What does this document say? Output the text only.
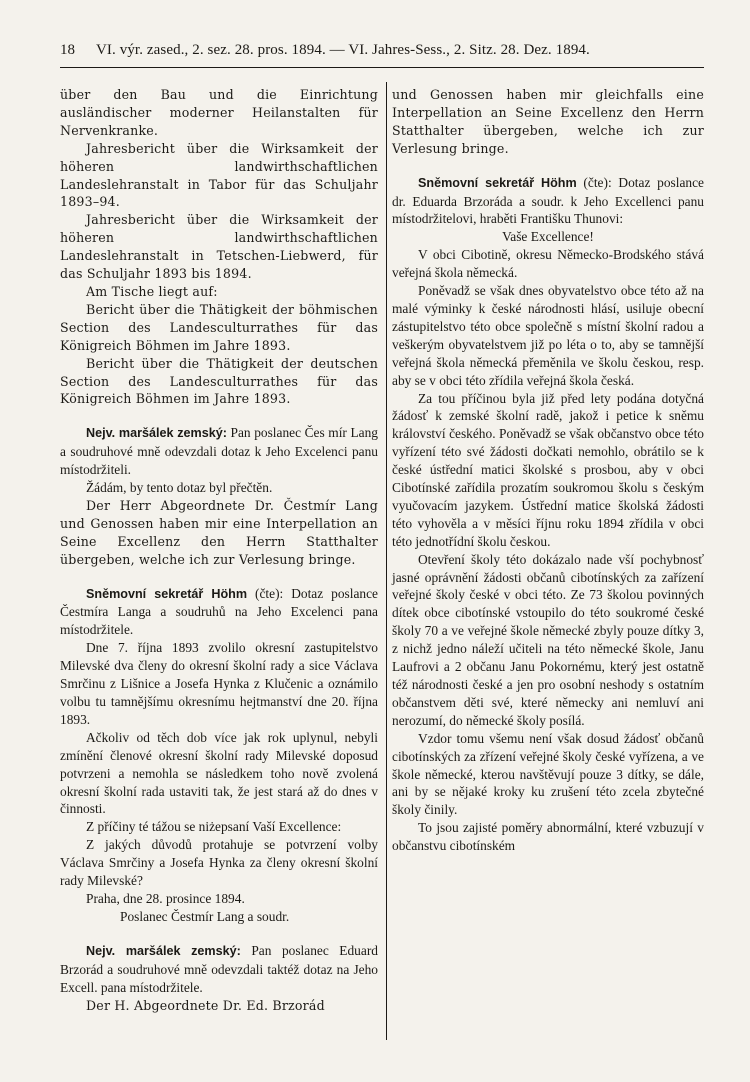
18 VI. výr. zased., 2. sez. 28. pros. 1894. — VI. Jahres-Sess., 2. Sitz. 28. Dez. 1894.

über den Bau und die Einrichtung ausländischer moderner Heilanstalten für Nervenkranke.

Jahresbericht über die Wirksamkeit der höheren landwirthschaftlichen Landeslehranstalt in Tabor für das Schuljahr 1893–94.

Jahresbericht über die Wirksamkeit der höheren landwirthschaftlichen Landeslehranstalt in Tetschen-Liebwerd, für das Schuljahr 1893 bis 1894.

Am Tische liegt auf:

Bericht über die Thätigkeit der böhmischen Section des Landesculturrathes für das Königreich Böhmen im Jahre 1893.

Bericht über die Thätigkeit der deutschen Section des Landesculturrathes für das Königreich Böhmen im Jahre 1893.

Nejv. maršálek zemský: Pan poslanec Čes mír Lang a soudruhové mně odevzdali dotaz k Jeho Excelenci panu místodržiteli.

Žádám, by tento dotaz byl přečtěn.

Der Herr Abgeordnete Dr. Čestmír Lang und Genossen haben mir eine Interpellation an Seine Excellenz den Herrn Statthalter übergeben, welche ich zur Verlesung bringe.

Sněmovní sekretář Höhm (čte): Dotaz poslance Čestmíra Langa a soudruhů na Jeho Excelenci pana místodržitele.

Dne 7. října 1893 zvolilo okresní zastupitelstvo Milevské dva členy do okresní školní rady a sice Václava Smrčinu z Lišnice a Josefa Hynka z Klučenic a oznámilo volbu tu tamnějšímu okresnímu hejtmanství dne 20. října 1893.

Ačkoliv od těch dob více jak rok uplynul, nebyli zmínění členové okresní školní rady Milevské doposud potvrzeni a nemohla se následkem toho nově zvolená okresní školní rada ustaviti tak, že jest stará až do dnes v činnosti.

Z příčiny té tážou se niżepsaní Vaší Excellence:

Z jakých důvodů protahuje se potvrzení volby Václava Smrčiny a Josefa Hynka za členy okresní školní rady Milevské?

Praha, dne 28. prosince 1894.

Poslanec Čestmír Lang a soudr.

Nejv. maršálek zemský: Pan poslanec Eduard Brzorád a soudruhové mně odevzdali taktéž dotaz na Jeho Excell. pana místodržitele.

Der H. Abgeordnete Dr. Ed. Brzorád

und Genossen haben mir gleichfalls eine Interpellation an Seine Excellenz den Herrn Statthalter übergeben, welche ich zur Verlesung bringe.

Sněmovní sekretář Höhm (čte): Dotaz poslance dr. Eduarda Brzoráda a soudr. k Jeho Excellenci panu místodržitelovi, hraběti Františku Thunovi:

Vaše Excellence!

V obci Cibotině, okresu Německo-Brodského stává veřejná škola německá.

Poněvadž se však dnes obyvatelstvo obce této až na malé výminky k české národnosti hlásí, usiluje obecní zástupitelstvo této obce společně s místní školní radou a veškerým obyvatelstvem již po léta o to, aby se tamnější veřejná škola německá přeměnila ve školu českou, resp. aby se v obci této zřídila veřejná škola česká.

Za tou příčinou byla již před lety podána dotyčná žádosť k zemské školní radě, jakož i petice k sněmu království českého. Poněvadž se však občanstvo obce této vyřízení této své žádosti dočkati nemohlo, obrátilo se k české ústřední matici školské s prosbou, aby v obci Cibotínské zařídila prozatím soukromou školu s českým vyučovacím jazykem. Ústřední matice školská žádosti této vyhověla a v měsíci říjnu roku 1894 zřídila v obci této jednotřídní školu českou.

Otevření školy této dokázalo nade vší pochybnosť jasné oprávnění žádosti občanů cibotínských za zařízení veřejné školy české v obci této. Ze 73 školou povinných dítek obce cibotínské vstoupilo do této soukromé české školy 70 a ve veřejné škole německé zbyly pouze dítky 3, z nichž jedno náleží učiteli na této německé škole, Janu Laufrovi a 2 občanu Janu Pokornému, který jest ostatně též národnosti české a jen pro osobní neshody s ostatním občanstvem děti své, které německy ani nemluví ani nerozumí, do německé školy posílá.

Vzdor tomu všemu není však dosud žádosť občanů cibotínských za zřízení veřejné školy české vyřízena, a ve škole německé, kterou navštěvují pouze 3 dítky, se dále, ani by se nějaké kroky ku zrušení této zcela zbytečné školy činily.

To jsou zajisté poměry abnormální, které vzbuzují v občanstvu cibotínském
